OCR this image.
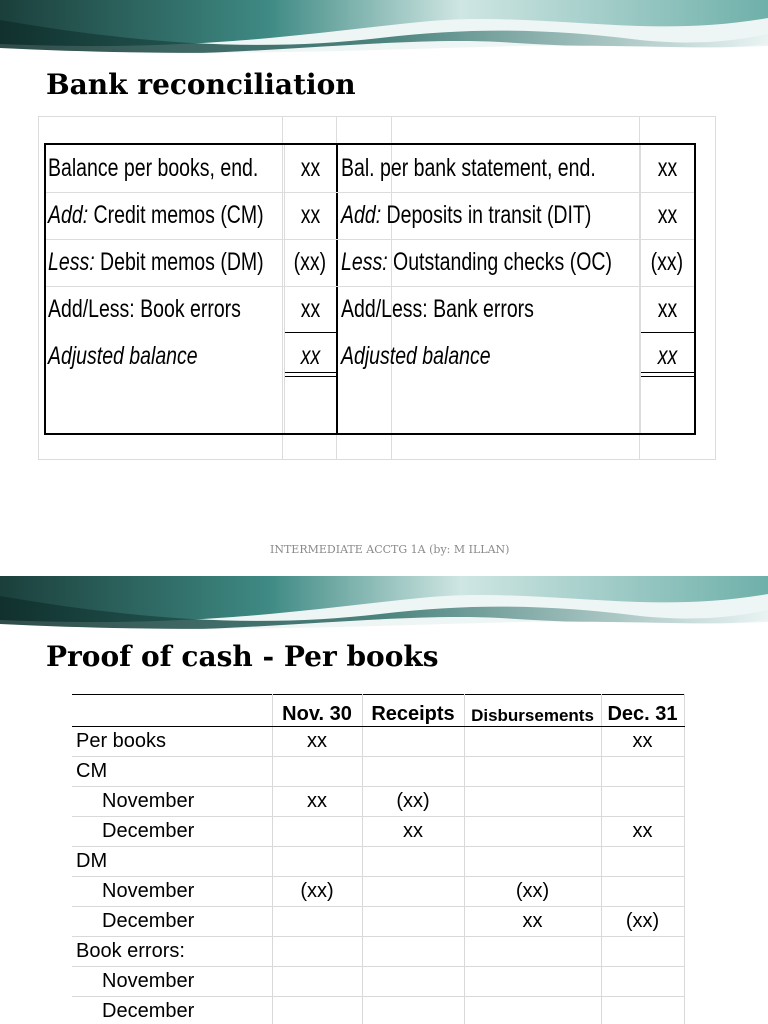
Bank reconciliation
Balance per books, end.	xx
Add: Credit memos (CM)	xx
Less: Debit memos (DM)	(xx)
Add/Less: Book errors	xx
Adjusted balance	xx
Bal. per bank statement, end.	xx
Add: Deposits in transit (DIT)	xx
Less: Outstanding checks (OC)	(xx)
Add/Less: Bank errors	xx
Adjusted balance	xx
INTERMEDIATE ACCTG 1A (by: M ILLAN)
Proof of cash - Per books
	Nov. 30	Receipts	Disbursements	Dec. 31
Per books	xx			xx
CM				
November	xx	(xx)		
December		xx		xx
DM				
November	(xx)		(xx)	
December			xx	(xx)
Book errors:				
November				
December				
